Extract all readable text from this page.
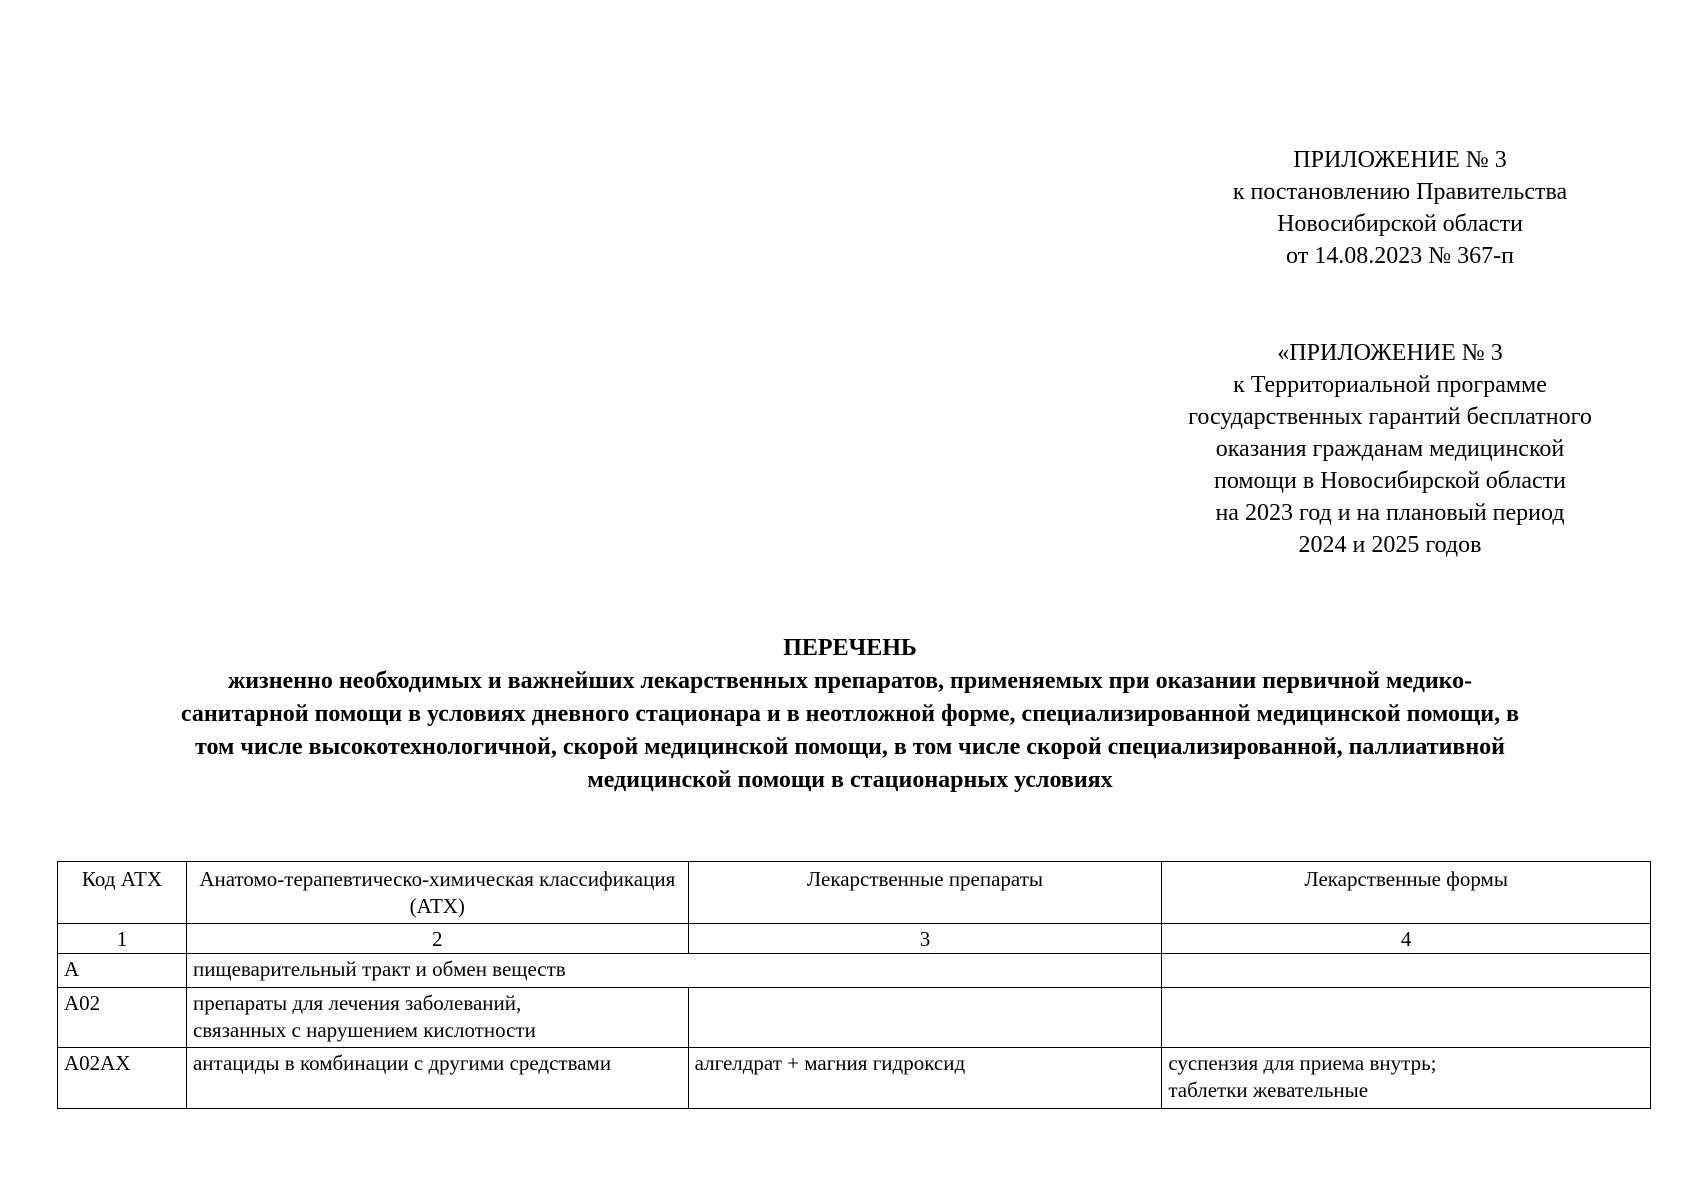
ПРИЛОЖЕНИЕ № 3
к постановлению Правительства
Новосибирской области
от 14.08.2023 № 367-п
«ПРИЛОЖЕНИЕ № 3
к Территориальной программе
государственных гарантий бесплатного
оказания гражданам медицинской
помощи в Новосибирской области
на 2023 год и на плановый период
2024 и 2025 годов
ПЕРЕЧЕНЬ
жизненно необходимых и важнейших лекарственных препаратов, применяемых при оказании первичной медико-
санитарной помощи в условиях дневного стационара и в неотложной форме, специализированной медицинской помощи, в
том числе высокотехнологичной, скорой медицинской помощи, в том числе скорой специализированной, паллиативной
медицинской помощи в стационарных условиях
Код АТХ	Анатомо-терапевтическо-химическая классификация (АТХ)	Лекарственные препараты	Лекарственные формы
1	2	3	4
А	пищеварительный тракт и обмен веществ		
A02	препараты для лечения заболеваний,
связанных с нарушением кислотности		

A02AX	антациды в комбинации с другими средствами	алгелдрат + магния гидроксид	суспензия для приема внутрь;
таблетки жевательные
